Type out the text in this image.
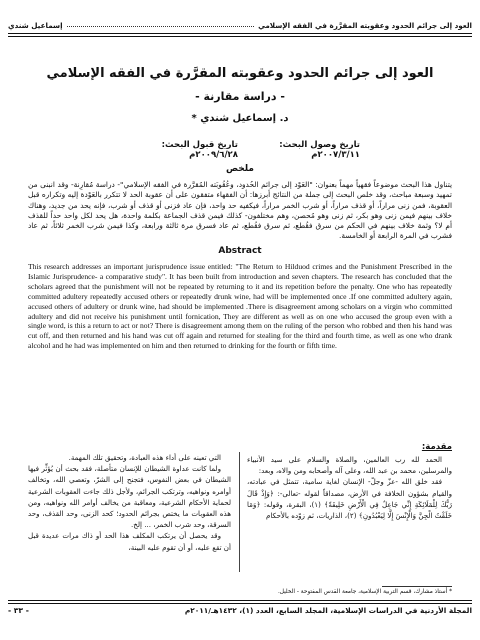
العود إلى جرائم الحدود وعقوبته المقرَّرة في الفقه الإسلامي
إسماعيل شندي
العود إلى جرائم الحدود وعقوبته المقرَّرة في الفقه الإسلامي
- دراسة مقارنة -
د. إسماعيل شندي *
تاريخ وصول البحث: ٢٠٠٧/٣/١١م
تاريخ قبول البحث: ٢٠٠٩/٦/٢٨م
ملخص
يتناول هذا البحث موضوعاً فقهياً مهماً بعنوان: "العَوْد إلى جرائم الحُدود، وعُقُوبَته المُقرَّرة في الفقه الإسلامي"- دراسة مُقارِنة- وقد انبنى من تمهيد وسبعة مباحث، وقد خلص البحث إلى جملة من النتائج أبرزها: أن الفقهاء متفقون على أن عقوبة الحد لا تتكرر بالعَوْدة إليه وتكراره قبل العقوبة، فمن زنى مراراً، أو قذف مراراً، أو شرب الخمر مراراً، فيكفيه حد واحد، فإن عاد فزنى أو قذف أو شرب، فإنه يحد من جديد، وهناك خلاف بينهم فيمن زنى وهو بكر، ثم زنى وهو مُحصن، وهم مختلفون- كذلك فيمن قذف الجماعة بكلمة واحدة، هل يحد لكل واحد حداً للقذف أم لا؟ وثمة خلاف بينهم في الحكم من سرق فقُطع، ثم سرق فقُطع، ثم عاد فسرق مرة ثالثة ورابعة، وكذا فيمن شرب الخمر ثلاثاً، ثم عاد فشرب في المرة الرابعة أو الخامسة.
Abstract
This research addresses an important jurisprudence issue entitled: "The Return to Hilduod crimes and the Punishment Prescribed in the Islamic Jurisprudence- a comparative study". It has been built from introduction and seven chapters. The research has concluded that the scholars agreed that the punishment will not be repeated by returning to it and its repetition before the penalty. One who has repeatedly committed adultery repeatedly accused others or repeatedly drunk wine, had will be implemented once .If one committed adultery again, accused others of adultery or drunk wine, had should be implemented .There is disagreement among scholars on a virgin who committed adultery and did not receive his punishment until fornication, They are different as well as on one who accused the group even with a single word, is this a return to act or not? There is disagreement among them on the ruling of the person who robbed and then his hand was cut off, and then returned and his hand was cut off again and returned for stealing for the third and fourth time, as well as one who drank alcohol and he had was implemented on him and then returned to drinking for the fourth or fifth time.
مقدمة:

الحمد لله رب العالمين، والصلاة والسلام على سيد الأنبياء والمرسلين، محمد بن عبد الله، وعلى آله وأصحابه ومن والاه، وبعد:

فقد خلق الله -عزّ وجلّ- الإنسان لغاية سامية، تتمثل في عبادته، والقيام بشؤون الخلافة في الأرض، مصداقاً لقوله -تعالى-: ﴿وَإِذْ قَالَ رَبُّكَ لِلْمَلَائِكَةِ إِنِّي جَاعِلٌ فِي الْأَرْضِ خَلِيفَةً﴾ (١)، البقرة، وقوله: ﴿وَمَا خَلَقْتُ الْجِنَّ وَالْإِنْسَ إِلَّا لِيَعْبُدُونِ﴾ (٢)، الذاريات، ثم زوّده بالأحكام

التي تعينه على أداء هذه العبادة، وتحقيق تلك المهمة.

ولما كانت عداوة الشيطان للإنسان متأصلة، فقد بحث أن يُؤثِّر فيها الشيطان في بعض النفوس، فتجنح إلى الشرّ، وتعصي الله، وتخالف أوامره ونواهيه، وترتكب الجرائم، ولأجل ذلك جاءت العقوبات الشرعية لحماية الأحكام الشرعية، ومعاقبة من يخالف أوامر الله ونواهيه، ومن هذه العقوبات ما يختص بجرائم الحدود؛ كحد الزنى، وحد القذف، وحد السرقة، وحد شرب الخمر، ... إلخ.

وقد يحصل أن يرتكب المكلف هذا الحد أو ذاك مرات عديدة قبل أن تقع عليه، أو أن تقوم عليه البينة،

* أستاذ مشارك، قسم التربية الإسلامية، جامعة القدس المفتوحة - الخليل.
المجلة الأردنية في الدراسات الإسلامية، المجلد السابع، العدد (١)، ١٤٣٢هـ/٢٠١١م
- ٣٣ -
